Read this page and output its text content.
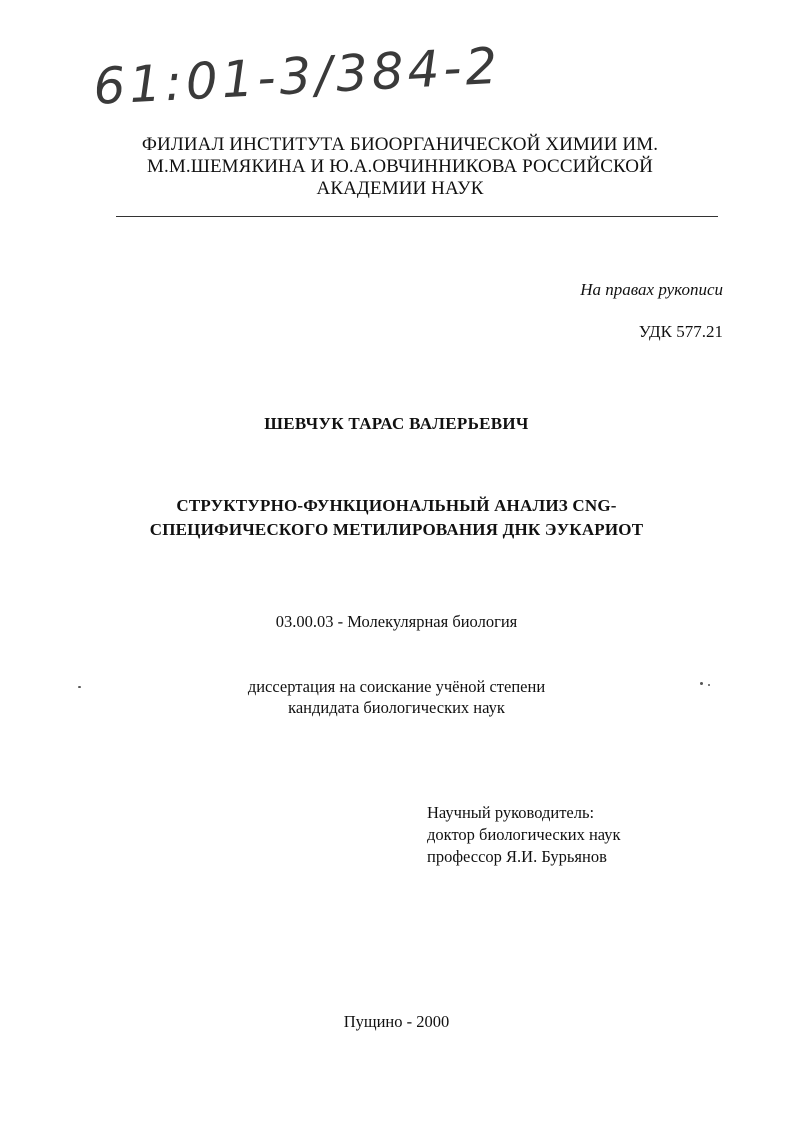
61:01-3/384-2
ФИЛИАЛ ИНСТИТУТА БИООРГАНИЧЕСКОЙ ХИМИИ ИМ.
М.М.ШЕМЯКИНА И Ю.А.ОВЧИННИКОВА РОССИЙСКОЙ
АКАДЕМИИ НАУК
На правах рукописи
УДК 577.21
ШЕВЧУК ТАРАС ВАЛЕРЬЕВИЧ
СТРУКТУРНО-ФУНКЦИОНАЛЬНЫЙ АНАЛИЗ CNG-
СПЕЦИФИЧЕСКОГО МЕТИЛИРОВАНИЯ ДНК ЭУКАРИОТ
03.00.03 - Молекулярная биология
диссертация на соискание учёной степени
кандидата биологических наук
Научный руководитель:
доктор биологических наук
профессор Я.И. Бурьянов
Пущино - 2000
